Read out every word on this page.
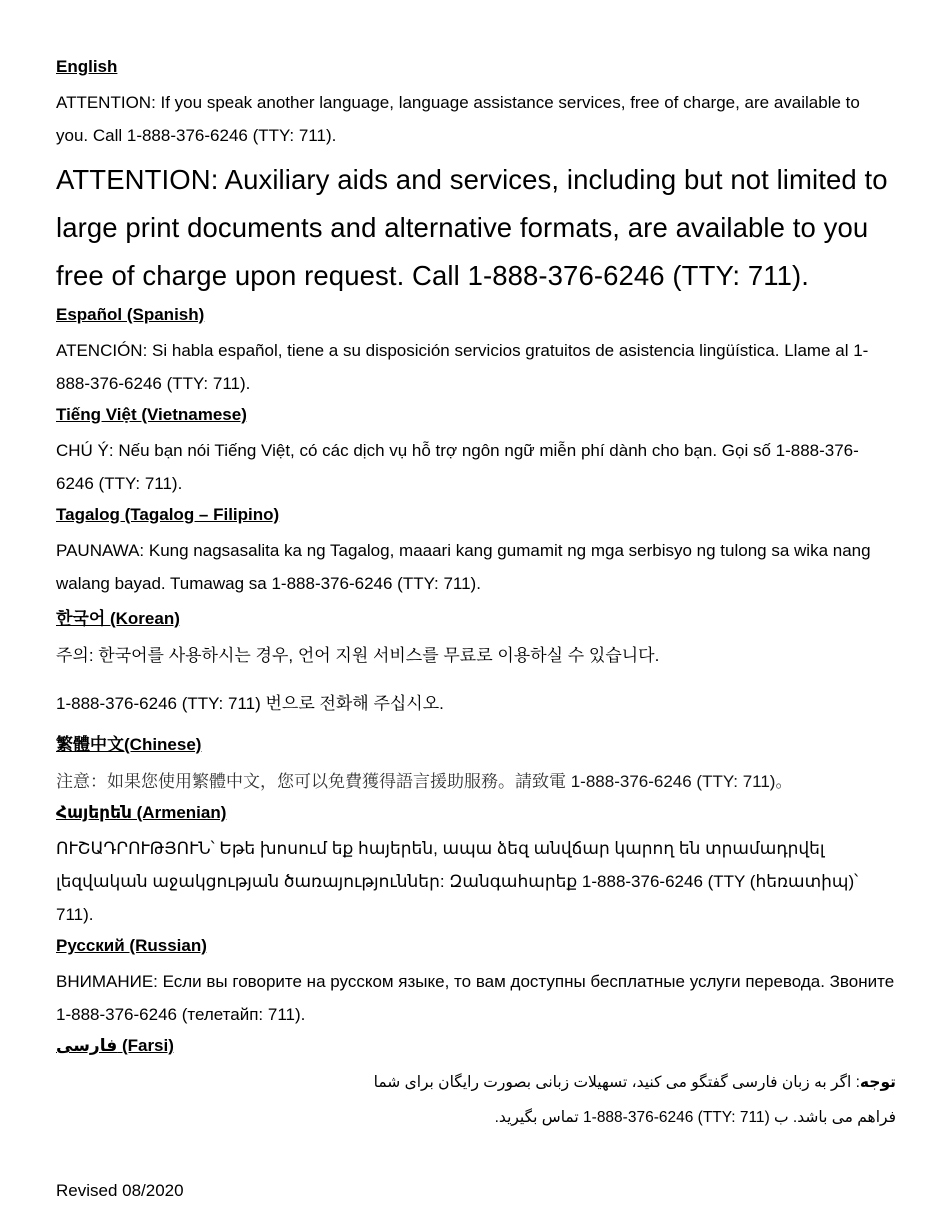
English
ATTENTION: If you speak another language, language assistance services, free of charge, are available to you. Call 1-888-376-6246 (TTY: 711).
ATTENTION: Auxiliary aids and services, including but not limited to large print documents and alternative formats, are available to you free of charge upon request. Call 1-888-376-6246 (TTY: 711).
Español (Spanish)
ATENCIÓN: Si habla español, tiene a su disposición servicios gratuitos de asistencia lingüística. Llame al 1-888-376-6246 (TTY: 711).
Tiếng Việt (Vietnamese)
CHÚ Ý: Nếu bạn nói Tiếng Việt, có các dịch vụ hỗ trợ ngôn ngữ miễn phí dành cho bạn. Gọi số 1-888-376-6246 (TTY: 711).
Tagalog (Tagalog – Filipino)
PAUNAWA: Kung nagsasalita ka ng Tagalog, maaari kang gumamit ng mga serbisyo ng tulong sa wika nang walang bayad. Tumawag sa 1-888-376-6246 (TTY: 711).
한국어 (Korean)
주의: 한국어를 사용하시는 경우, 언어 지원 서비스를 무료로 이용하실 수 있습니다.
1-888-376-6246 (TTY: 711) 번으로 전화해 주십시오.
繁體中文(Chinese)
注意：如果您使用繁體中文，您可以免費獲得語言援助服務。請致電 1-888-376-6246 (TTY: 711)。
Հայերեն (Armenian)
ՈՒՇԱԴՐՈՒԹՅՈՒՆ՝ Եթե խոսում եք հայերեն, ապա ձեզ անվճար կարող են տրամադրվել լեզվական աջակցության ծառայություններ: Զանգահարեք 1-888-376-6246 (TTY (հեռատիպ)՝ 711).
Русский (Russian)
ВНИМАНИЕ: Если вы говорите на русском языке, то вам доступны бесплатные услуги перевода. Звоните 1-888-376-6246 (телетайп: 711).
فارسی (Farsi)
توجه: اگر به زبان فارسی گفتگو می کنید، تسهیلات زبانی بصورت رایگان برای شما
فراهم می باشد. ب (TTY: 711) 1-888-376-6246 تماس بگیرید.
Revised 08/2020
